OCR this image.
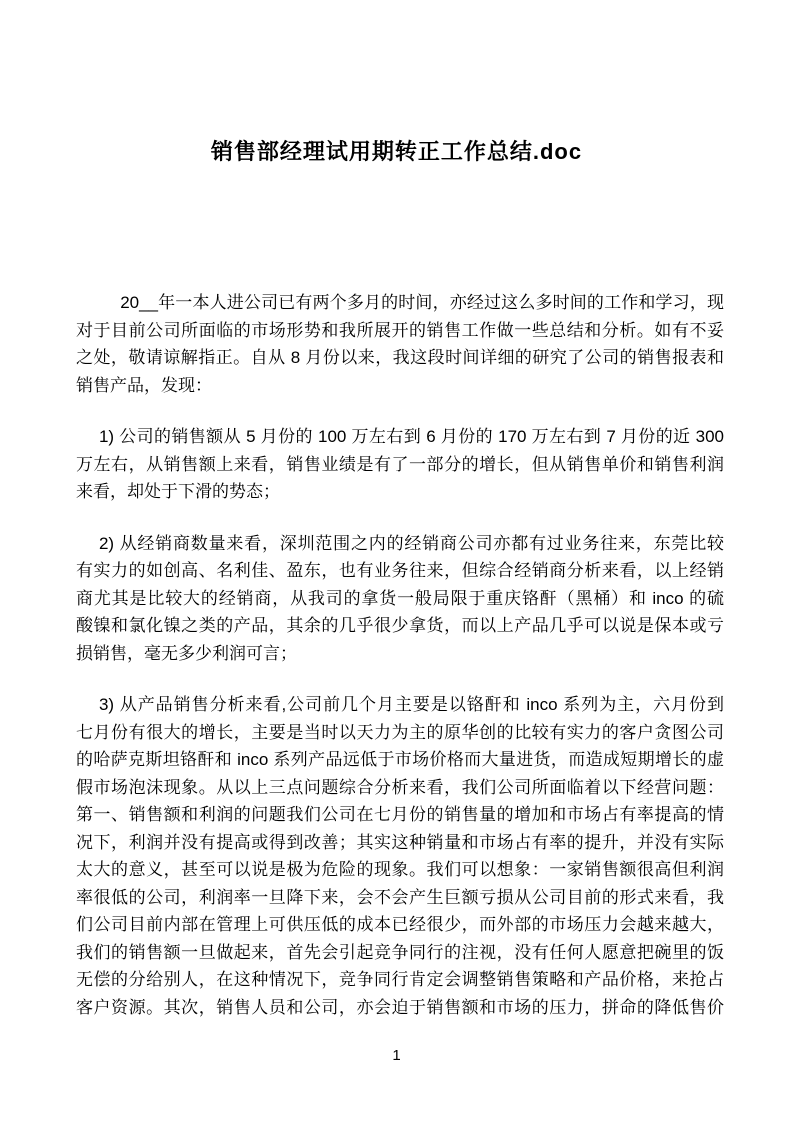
销售部经理试用期转正工作总结.doc
20__年一本人进公司已有两个多月的时间，亦经过这么多时间的工作和学习，现
对于目前公司所面临的市场形势和我所展开的销售工作做一些总结和分析。如有不妥
之处，敬请谅解指正。自从 8 月份以来，我这段时间详细的研究了公司的销售报表和
销售产品，发现：
1) 公司的销售额从 5 月份的 100 万左右到 6 月份的 170 万左右到 7 月份的近 300
万左右，从销售额上来看，销售业绩是有了一部分的增长，但从销售单价和销售利润
来看，却处于下滑的势态；
2) 从经销商数量来看，深圳范围之内的经销商公司亦都有过业务往来，东莞比较
有实力的如创高、名利佳、盈东，也有业务往来，但综合经销商分析来看，以上经销
商尤其是比较大的经销商，从我司的拿货一般局限于重庆铬酐（黑桶）和 inco 的硫
酸镍和氯化镍之类的产品，其余的几乎很少拿货，而以上产品几乎可以说是保本或亏
损销售，毫无多少利润可言；
3) 从产品销售分析来看,公司前几个月主要是以铬酐和 inco 系列为主，六月份到
七月份有很大的增长，主要是当时以天力为主的原华创的比较有实力的客户贪图公司
的哈萨克斯坦铬酐和 inco 系列产品远低于市场价格而大量进货，而造成短期增长的虚
假市场泡沫现象。从以上三点问题综合分析来看，我们公司所面临着以下经营问题：
第一、销售额和利润的问题我们公司在七月份的销售量的增加和市场占有率提高的情
况下，利润并没有提高或得到改善；其实这种销量和市场占有率的提升，并没有实际
太大的意义，甚至可以说是极为危险的现象。我们可以想象：一家销售额很高但利润
率很低的公司，利润率一旦降下来，会不会产生巨额亏损从公司目前的形式来看，我
们公司目前内部在管理上可供压低的成本已经很少，而外部的市场压力会越来越大，
我们的销售额一旦做起来，首先会引起竞争同行的注视，没有任何人愿意把碗里的饭
无偿的分给别人，在这种情况下，竞争同行肯定会调整销售策略和产品价格，来抢占
客户资源。其次，销售人员和公司，亦会迫于销售额和市场的压力，拼命的降低售价
1
